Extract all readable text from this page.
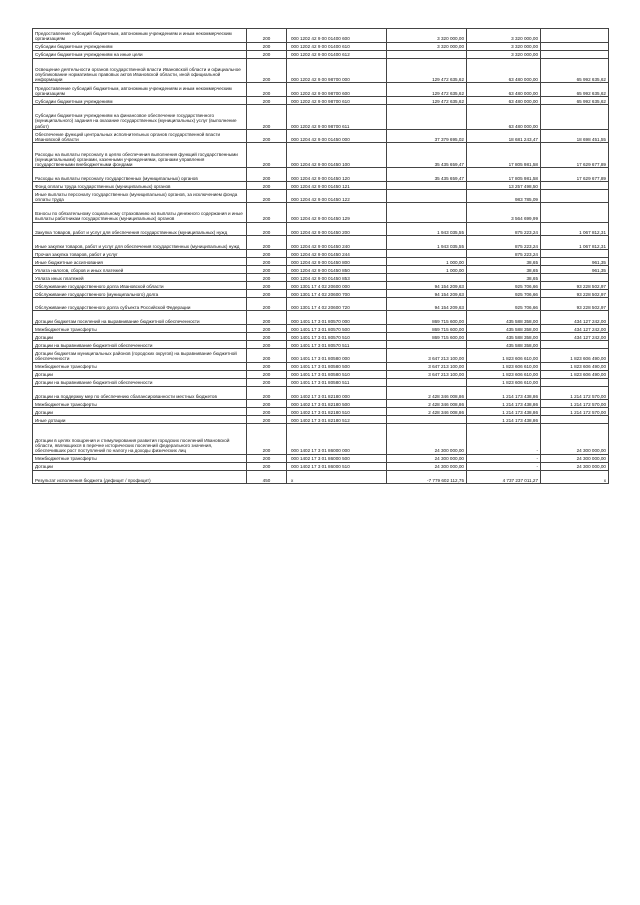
Предоставление субсидий бюджетным, автономным учреждениям и иным некоммерческим организациям	200	000 1202 42 9 00 01400 600	3 320 000,00	3 320 000,00	
Субсидии бюджетным учреждениям	200	000 1202 42 9 00 01400 610	3 320 000,00	3 320 000,00	
Субсидии бюджетным учреждениям на иные цели	200	000 1202 42 9 00 01400 612		3 320 000,00	
Освещение деятельности органов государственной власти Ивановской области и официальное опубликование нормативных правовых актов Ивановской области, иной официальной информации	200	000 1202 42 9 00 98700 000	129 472 635,62	63 480 000,00	65 992 635,62
Предоставление субсидий бюджетным, автономным учреждениям и иным некоммерческим организациям	200	000 1202 42 9 00 98700 600	129 472 635,62	63 480 000,00	65 992 635,62
Субсидии бюджетным учреждениям	200	000 1202 42 9 00 98700 610	129 472 635,62	63 480 000,00	65 992 635,62
Субсидии бюджетным учреждениям на финансовое обеспечение государственного (муниципального) задания на оказание государственных (муниципальных) услуг (выполнение работ)	200	000 1202 42 9 00 98700 611		63 480 000,00	
Обеспечение функций центральных исполнительных органов государственной власти Ивановской области	200	000 1204 42 9 00 01450 000	37 379 695,02	18 681 243,47	18 698 451,55
Расходы на выплаты персоналу в целях обеспечения выполнения функций государственными (муниципальными) органами, казенными учреждениями, органами управления государственными внебюджетными фондами	200	000 1204 42 9 00 01450 100	35 435 659,47	17 805 981,58	17 629 677,89
Расходы на выплаты персоналу государственных (муниципальных) органов	200	000 1204 42 9 00 01450 120	35 435 659,47	17 805 981,58	17 629 677,89
Фонд оплаты труда государственных (муниципальных) органов	200	000 1204 42 9 00 01450 121		13 257 498,50	
Иные выплаты персоналу государственных (муниципальных) органов, за исключением фонда оплаты труда	200	000 1204 42 9 00 01450 122		983 785,09	
Взносы по обязательному социальному страхованию на выплаты денежного содержания и иные выплаты работникам государственных (муниципальных) органов	200	000 1204 42 9 00 01450 129		3 564 699,99	
Закупка товаров, работ и услуг для обеспечения государственных (муниципальных) нужд	200	000 1204 42 9 00 01450 200	1 943 035,55	875 223,24	1 067 812,31
Иные закупки товаров, работ и услуг для обеспечения государственных (муниципальных) нужд	200	000 1204 42 9 00 01450 240	1 943 035,55	875 223,24	1 067 812,31
Прочая закупка товаров, работ и услуг	200	000 1204 42 9 00 01450 244		875 223,24	
Иные бюджетные ассигнования	200	000 1204 42 9 00 01450 800	1 000,00	38,65	961,35
Уплата налогов, сборов и иных платежей	200	000 1204 42 9 00 01450 850	1 000,00	38,65	961,35
Уплата иных платежей	200	000 1204 42 9 00 01450 853		38,65	
Обслуживание государственного долга Ивановской области	200	000 1301 17 4 02 20600 000	94 154 209,63	925 706,66	93 228 502,97
Обслуживание государственного (муниципального) долга	200	000 1301 17 4 02 20600 700	94 154 209,63	925 706,66	93 228 502,97
Обслуживание государственного долга субъекта Российской Федерации	200	000 1301 17 4 02 20600 720	94 154 209,63	925 706,66	93 228 502,97
Дотации бюджетам поселений на выравнивание бюджетной обеспеченности	200	000 1401 17 3 01 80570 000	869 715 600,00	435 588 358,00	434 127 242,00
Межбюджетные трансферты	200	000 1401 17 3 01 80570 500	869 715 600,00	435 588 358,00	434 127 242,00
Дотации	200	000 1401 17 3 01 80570 510	869 715 600,00	435 588 358,00	434 127 242,00
Дотации на выравнивание бюджетной обеспеченности	200	000 1401 17 3 01 80570 511		435 588 358,00	
Дотации бюджетам муниципальных районов (городских округов) на выравнивание бюджетной обеспеченности	200	000 1401 17 3 01 80580 000	3 647 213 100,00	1 823 606 610,00	1 823 606 490,00
Межбюджетные трансферты	200	000 1401 17 3 01 80580 500	3 647 213 100,00	1 823 606 610,00	1 823 606 490,00
Дотации	200	000 1401 17 3 01 80580 510	3 647 213 100,00	1 823 606 610,00	1 823 606 490,00
Дотации на выравнивание бюджетной обеспеченности	200	000 1401 17 3 01 80580 511		1 823 606 610,00	
Дотации на поддержку мер по обеспечению сбалансированности местных бюджетов	200	000 1402 17 3 01 82180 000	2 428 346 008,86	1 214 173 438,86	1 214 172 570,00
Межбюджетные трансферты	200	000 1402 17 3 01 82180 500	2 428 346 008,86	1 214 173 438,86	1 214 172 570,00
Дотации	200	000 1402 17 3 01 82180 510	2 428 346 008,86	1 214 173 438,86	1 214 172 570,00
Иные дотации	200	000 1402 17 3 01 82180 512		1 214 173 438,86	
Дотации в целях поощрения и стимулирования развития городских поселений Ивановской области, являющихся в перечне исторических поселений федерального значения, обеспечивших рост поступлений по налогу на доходы физических лиц	200	000 1402 17 3 01 86000 000	24 300 000,00	-	24 300 000,00
Межбюджетные трансферты	200	000 1402 17 3 01 86000 500	24 300 000,00	-	24 300 000,00
Дотации	200	000 1402 17 3 01 86000 510	24 300 000,00	-	24 300 000,00
Результат исполнения бюджета (дефицит / профицит)	450	x	-7 779 602 112,75	4 737 237 011,27	x
